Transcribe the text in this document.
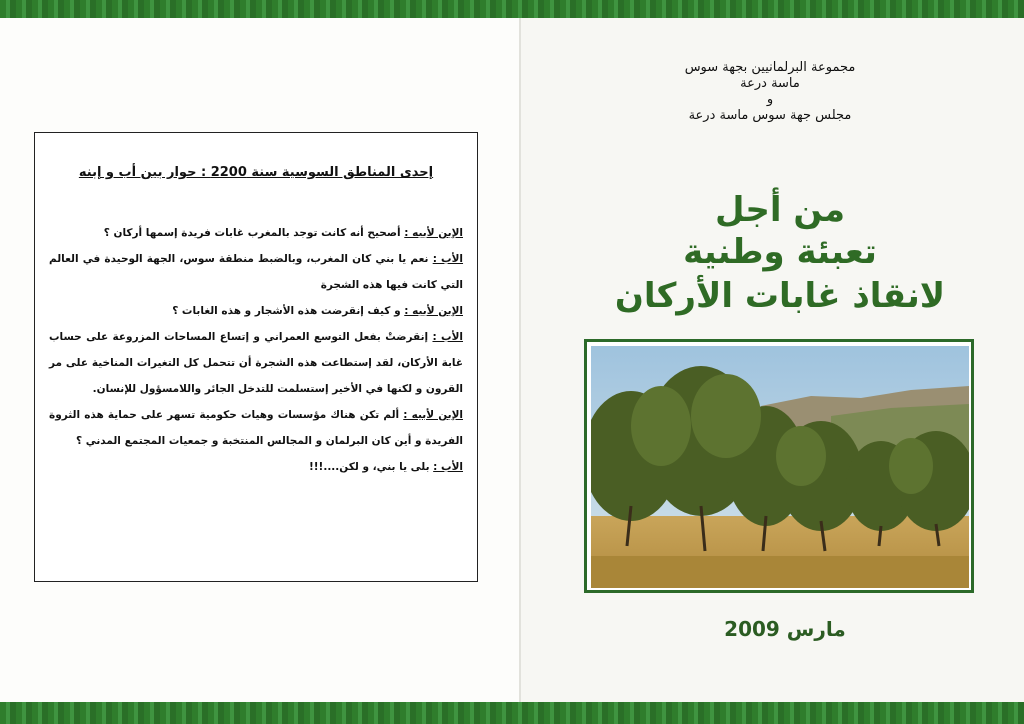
إحدى المناطق السوسية سنة 2200 : حوار بين أب و إبنه

الإبن لأبيه : أصحيح أنه كانت توجد بالمغرب غابات فريدة إسمها أركان ؟

الأب : نعم يا بني كان المغرب، وبالضبط منطقة سوس، الجهة الوحيدة في العالم التي كانت فيها هذه الشجرة

الإبن لأبيه : و كيف إنقرضت هذه الأشجار و هذه الغابات ؟

الأب : إنقرضتْ بفعل التوسع العمراني و إتساع المساحات المزروعة على حساب غابة الأركان، لقد إستطاعت هذه الشجرة أن تتحمل كل التغيرات المناخية على مر القرون و لكنها في الأخير إستسلمت للتدخل الجائر واللامسؤول للإنسان.

الإبن لأبيه : ألم تكن هناك مؤسسات وهيات حكومية تسهر على حماية هذه الثروة الفريدة و أين كان البرلمان و المجالس المنتخبة و جمعيات المجتمع المدني ؟

الأب : بلى يا بني، و لكن....!!!

مجموعة البرلمانيين بجهة سوس
ماسة درعة
و
مجلس جهة سوس ماسة درعة
من أجل
تعبئة وطنية
لانقاذ غابات الأركان
مارس 2009
